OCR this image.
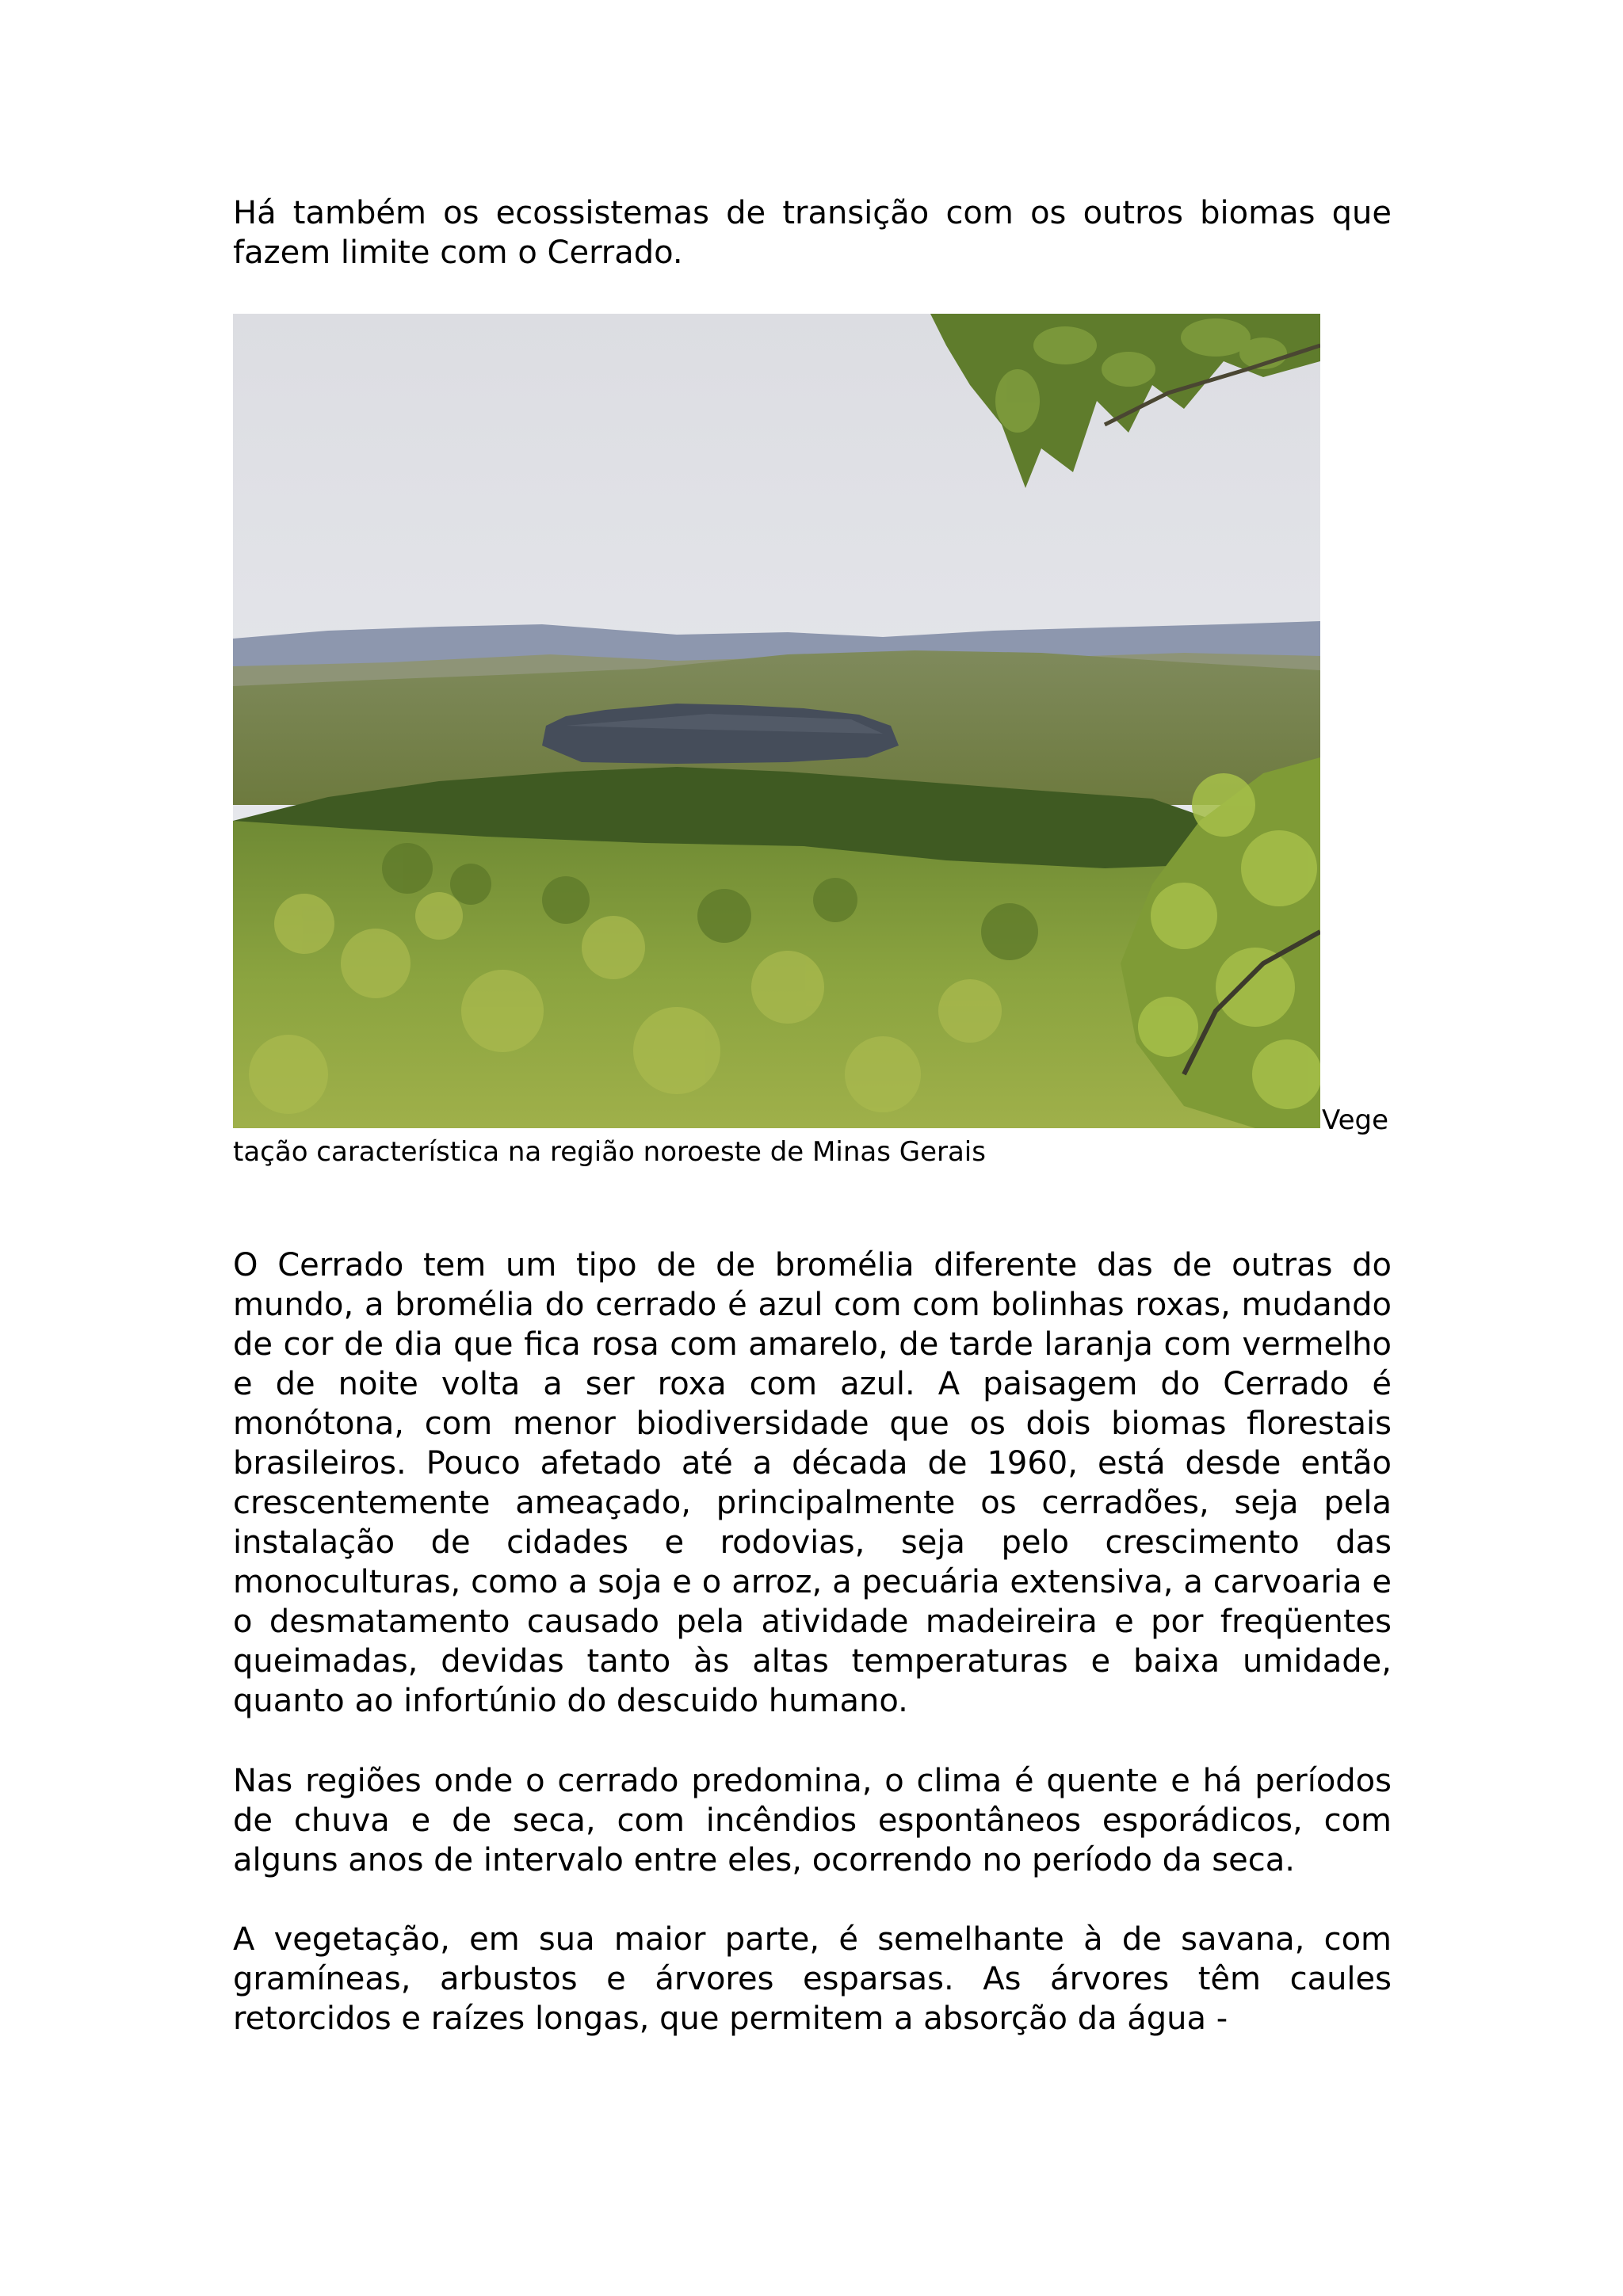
Há também os ecossistemas de transição com os outros biomas que fazem limite com o Cerrado.

Vege

tação característica na região noroeste de Minas Gerais

O Cerrado tem um tipo de de bromélia diferente das de outras do mundo, a bromélia do cerrado é azul com com bolinhas roxas, mudando de cor de dia que fica rosa com amarelo, de tarde laranja com vermelho e de noite volta a ser roxa com azul. A paisagem do Cerrado é monótona, com menor biodiversidade que os dois biomas florestais brasileiros. Pouco afetado até a década de 1960, está desde então crescentemente ameaçado, principalmente os cerradões, seja pela instalação de cidades e rodovias, seja pelo crescimento das monoculturas, como a soja e o arroz, a pecuária extensiva, a carvoaria e o desmatamento causado pela atividade madeireira e por freqüentes queimadas, devidas tanto às altas temperaturas e baixa umidade, quanto ao infortúnio do descuido humano.

Nas regiões onde o cerrado predomina, o clima é quente e há períodos de chuva e de seca, com incêndios espontâneos esporádicos, com alguns anos de intervalo entre eles, ocorrendo no período da seca.

A vegetação, em sua maior parte, é semelhante à de savana, com gramíneas, arbustos e árvores esparsas. As árvores têm caules retorcidos e raízes longas, que permitem a absorção da água -
